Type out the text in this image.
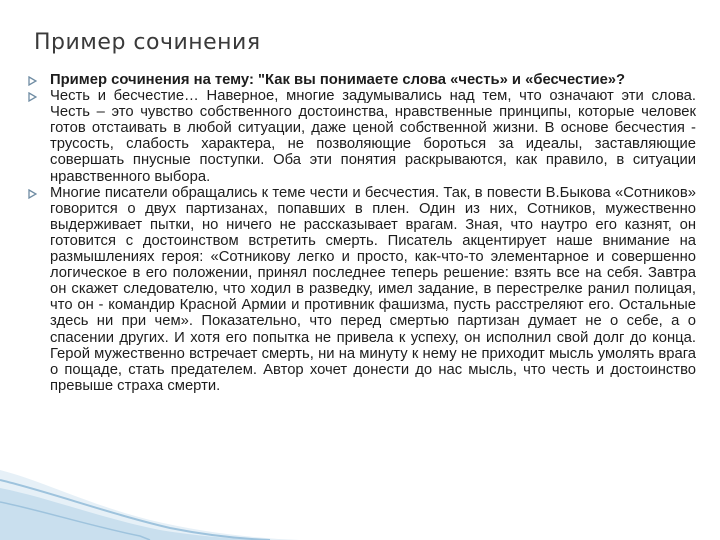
Пример сочинения
Пример сочинения на тему: "Как вы понимаете слова «честь» и «бесчестие»?
Честь и бесчестие… Наверное, многие задумывались над тем, что означают эти слова. Честь – это чувство собственного достоинства, нравственные принципы, которые человек готов отстаивать в любой ситуации, даже ценой собственной жизни. В основе бесчестия - трусость, слабость характера, не позволяющие бороться за идеалы, заставляющие совершать пнусные поступки. Оба эти понятия раскрываются, как правило, в ситуации нравственного выбора.
Многие писатели обращались к теме чести и бесчестия. Так, в повести В.Быкова «Сотников» говорится о двух партизанах, попавших в плен. Один из них, Сотников, мужественно выдерживает пытки, но ничего не рассказывает врагам. Зная, что наутро его казнят, он готовится с достоинством встретить смерть. Писатель акцентирует наше внимание на размышлениях героя: «Сотникову легко и просто, как-что-то элементарное и совершенно логическое в его положении, принял последнее теперь решение: взять все на себя. Завтра он скажет следователю, что ходил в разведку, имел задание, в перестрелке ранил полицая, что он - командир Красной Армии и противник фашизма, пусть расстреляют его. Остальные здесь ни при чем». Показательно, что перед смертью партизан думает не о себе, а о спасении других. И хотя его попытка не привела к успеху, он исполнил свой долг до конца. Герой мужественно встречает смерть, ни на минуту к нему не приходит мысль умолять врага о пощаде, стать предателем. Автор хочет донести до нас мысль, что честь и достоинство превыше страха смерти.
